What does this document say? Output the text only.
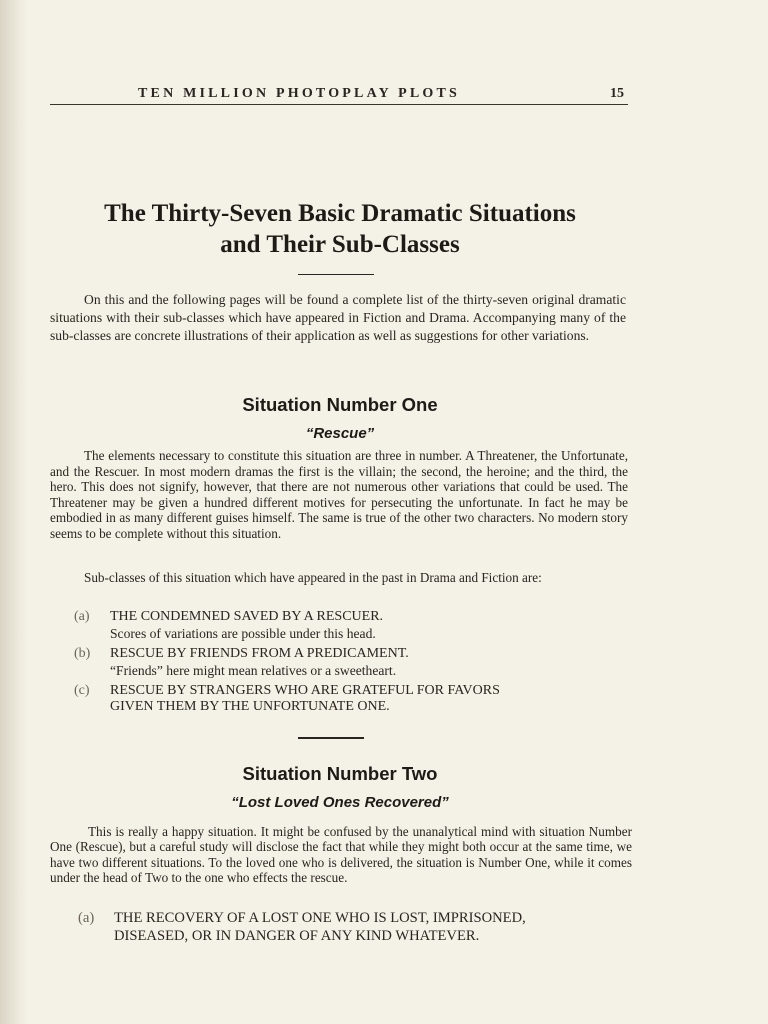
TEN MILLION PHOTOPLAY PLOTS	15
The Thirty-Seven Basic Dramatic Situations
and Their Sub-Classes
On this and the following pages will be found a complete list of the thirty-seven original dramatic situations with their sub-classes which have appeared in Fiction and Drama. Accompanying many of the sub-classes are concrete illustrations of their application as well as suggestions for other variations.
Situation Number One
“Rescue”
The elements necessary to constitute this situation are three in number. A Threatener, the Unfortunate, and the Rescuer. In most modern dramas the first is the villain; the second, the heroine; and the third, the hero. This does not signify, however, that there are not numerous other variations that could be used. The Threatener may be given a hundred different motives for persecuting the unfortunate. In fact he may be embodied in as many different guises himself. The same is true of the other two characters. No modern story seems to be complete without this situation.
Sub-classes of this situation which have appeared in the past in Drama and Fiction are:
(a) THE CONDEMNED SAVED BY A RESCUER.
Scores of variations are possible under this head.
(b) RESCUE BY FRIENDS FROM A PREDICAMENT.
“Friends” here might mean relatives or a sweetheart.
(c) RESCUE BY STRANGERS WHO ARE GRATEFUL FOR FAVORS
GIVEN THEM BY THE UNFORTUNATE ONE.
Situation Number Two
“Lost Loved Ones Recovered”
This is really a happy situation. It might be confused by the unanalytical mind with situation Number One (Rescue), but a careful study will disclose the fact that while they might both occur at the same time, we have two different situations. To the loved one who is delivered, the situation is Number One, while it comes under the head of Two to the one who effects the rescue.
(a) THE RECOVERY OF A LOST ONE WHO IS LOST, IMPRISONED,
DISEASED, OR IN DANGER OF ANY KIND WHATEVER.
